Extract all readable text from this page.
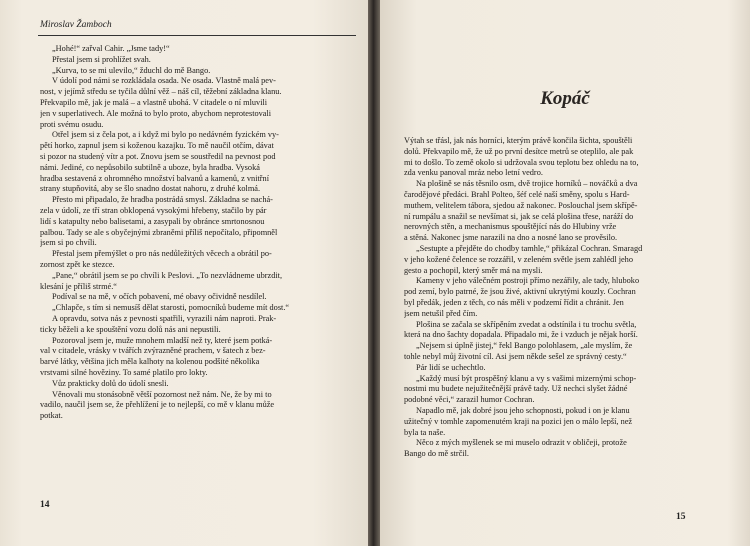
Miroslav Žamboch
„Hohé!“ zařval Cahir. „Jsme tady!“
Přestal jsem si prohlížet svah.
„Kurva, to se mi ulevilo,“ žduchl do mě Bango.
V údolí pod námi se rozkládala osada. Ne osada. Vlastně malá pev-
nost, v jejímž středu se tyčila důlní věž – náš cíl, těžební základna klanu.
Překvapilo mě, jak je malá – a vlastně ubohá. V citadele o ní mluvili
jen v superlativech. Ale možná to bylo proto, abychom neprotestovali
proti svému osudu.
Otřel jsem si z čela pot, a i když mi bylo po nedávném fyzickém vy-
pětí horko, zapnul jsem si koženou kazajku. To mě naučil otčím, dávat
si pozor na studený vítr a pot. Znovu jsem se soustředil na pevnost pod
námi. Jediné, co nepůsobilo subtilně a uboze, byla hradba. Vysoká
hradba sestavená z ohromného množství balvanů a kamenů, z vnitřní
strany stupňovitá, aby se šlo snadno dostat nahoru, z druhé kolmá.
Přesto mi připadalo, že hradba postrádá smysl. Základna se nachá-
zela v údolí, ze tří stran obklopená vysokými hřebeny, stačilo by pár
lidí s katapulty nebo balisetami, a zasypali by obránce smrtonosnou
palbou. Tady se ale s obyčejnými zbraněmi příliš nepočítalo, připomněl
jsem si po chvíli.
Přestal jsem přemýšlet o pro nás nedůležitých věcech a obrátil po-
zornost zpět ke stezce.
„Pane,“ obrátil jsem se po chvíli k Peslovi. „To nezvládneme ubrzdit,
klesání je příliš strmé.“
Podíval se na mě, v očích pobavení, mé obavy očividně nesdílel.
„Chlapče, s tím si nemusíš dělat starosti, pomocníků budeme mít dost.“
A opravdu, sotva nás z pevnosti spatřili, vyrazili nám naproti. Prak-
ticky běželi a ke spouštění vozu dolů nás ani nepustili.
Pozoroval jsem je, muže mnohem mladší než ty, které jsem potká-
val v citadele, vrásky v tvářích zvýrazněné prachem, v šatech z bez-
barvé látky, většina jich měla kalhoty na kolenou podšité několika
vrstvami silné hověziny. To samé platilo pro lokty.
Vůz prakticky dolů do údolí snesli.
Věnovali mu stonásobně větší pozornost než nám. Ne, že by mi to
vadilo, naučil jsem se, že přehlížení je to nejlepší, co mě v klanu může
potkat.
14
Kopáč
Výtah se třásl, jak nás horníci, kterým právě končila šichta, spouštěli
dolů. Překvapilo mě, že už po první desítce metrů se oteplilo, ale pak
mi to došlo. To země okolo si udržovala svou teplotu bez ohledu na to,
zda venku panoval mráz nebo letní vedro.
Na plošině se nás těsnilo osm, dvě trojice horníků – nováčků a dva
čarodějové předáci. Brahl Polteo, šéf celé naší směny, spolu s Hard-
muthem, velitelem tábora, sjedou až nakonec. Poslouchal jsem skřípě-
ní rumpálu a snažil se nevšímat si, jak se celá plošina třese, naráží do
nerovných stěn, a mechanismus spouštějící nás do Hlubiny vrže
a stěná. Nakonec jsme narazili na dno a nosné lano se prověsilo.
„Sestupte a přejděte do chodby tamhle,“ přikázal Cochran. Smaragd
v jeho kožené čelence se rozzářil, v zeleném světle jsem zahlédl jeho
gesto a pochopil, který směr má na mysli.
Kameny v jeho válečném postroji přímo nezářily, ale tady, hluboko
pod zemí, bylo patrné, že jsou živé, aktivní ukrytými kouzly. Cochran
byl předák, jeden z těch, co nás měli v podzemí řídit a chránit. Jen
jsem netušil před čím.
Plošina se začala se skřípěním zvedat a odstínila i tu trochu světla,
která na dno šachty dopadala. Připadalo mi, že i vzduch je nějak horší.
„Nejsem si úplně jistej,“ řekl Bango polohlasem, „ale myslím, že
tohle nebyl můj životní cíl. Asi jsem někde sešel ze správný cesty.“
Pár lidí se uchechtlo.
„Každý musí být prospěšný klanu a vy s vašimi mizernými schop-
nostmi mu budete nejužitečnější právě tady. Už nechci slyšet žádné
podobné věci,“ zarazil humor Cochran.
Napadlo mě, jak dobré jsou jeho schopnosti, pokud i on je klanu
užitečný v tomhle zapomenutém kraji na pozici jen o málo lepší, než
byla ta naše.
Něco z mých myšlenek se mi muselo odrazit v obličeji, protože
Bango do mě strčil.
15
